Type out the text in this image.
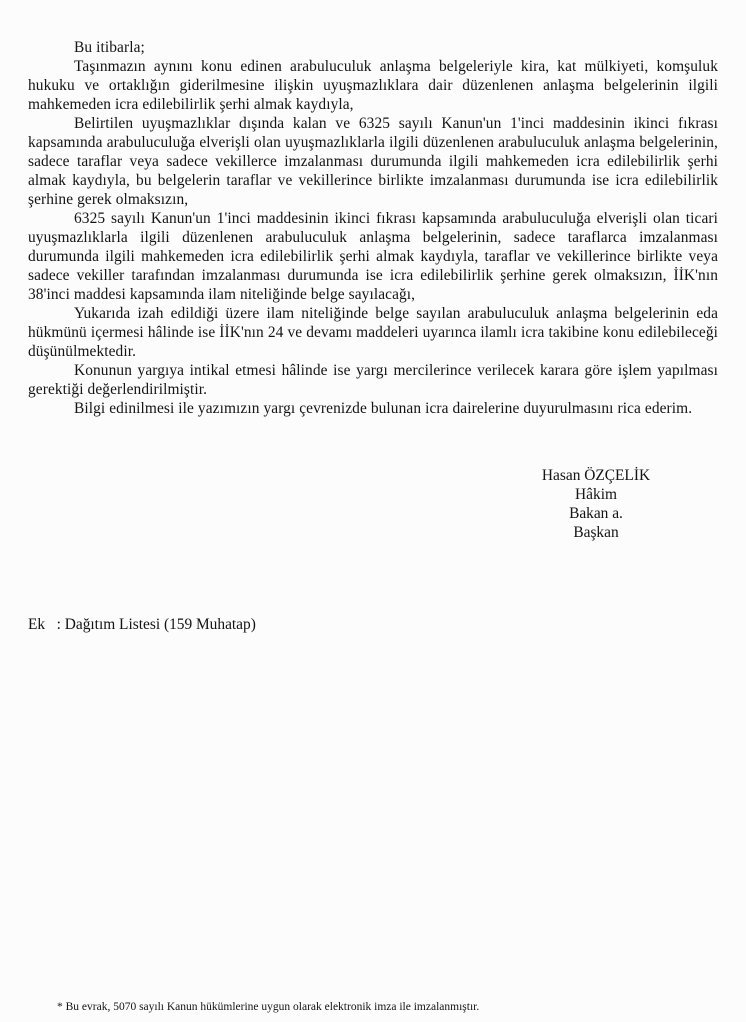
Bu itibarla;

Taşınmazın aynını konu edinen arabuluculuk anlaşma belgeleriyle kira, kat mülkiyeti, komşuluk hukuku ve ortaklığın giderilmesine ilişkin uyuşmazlıklara dair düzenlenen anlaşma belgelerinin ilgili mahkemeden icra edilebilirlik şerhi almak kaydıyla,

Belirtilen uyuşmazlıklar dışında kalan ve 6325 sayılı Kanun'un 1'inci maddesinin ikinci fıkrası kapsamında arabuluculuğa elverişli olan uyuşmazlıklarla ilgili düzenlenen arabuluculuk anlaşma belgelerinin, sadece taraflar veya sadece vekillerce imzalanması durumunda ilgili mahkemeden icra edilebilirlik şerhi almak kaydıyla, bu belgelerin taraflar ve vekillerince birlikte imzalanması durumunda ise icra edilebilirlik şerhine gerek olmaksızın,

6325 sayılı Kanun'un 1'inci maddesinin ikinci fıkrası kapsamında arabuluculuğa elverişli olan ticari uyuşmazlıklarla ilgili düzenlenen arabuluculuk anlaşma belgelerinin, sadece taraflarca imzalanması durumunda ilgili mahkemeden icra edilebilirlik şerhi almak kaydıyla, taraflar ve vekillerince birlikte veya sadece vekiller tarafından imzalanması durumunda ise icra edilebilirlik şerhine gerek olmaksızın, İİK'nın 38'inci maddesi kapsamında ilam niteliğinde belge sayılacağı,

Yukarıda izah edildiği üzere ilam niteliğinde belge sayılan arabuluculuk anlaşma belgelerinin eda hükmünü içermesi hâlinde ise İİK'nın 24 ve devamı maddeleri uyarınca ilamlı icra takibine konu edilebileceği düşünülmektedir.

Konunun yargıya intikal etmesi hâlinde ise yargı mercilerince verilecek karara göre işlem yapılması gerektiği değerlendirilmiştir.

Bilgi edinilmesi ile yazımızın yargı çevrenizde bulunan icra dairelerine duyurulmasını rica ederim.

Hasan ÖZÇELİK
Hâkim
Bakan a.
Başkan
Ek   : Dağıtım Listesi (159 Muhatap)
* Bu evrak, 5070 sayılı Kanun hükümlerine uygun olarak elektronik imza ile imzalanmıştır.
